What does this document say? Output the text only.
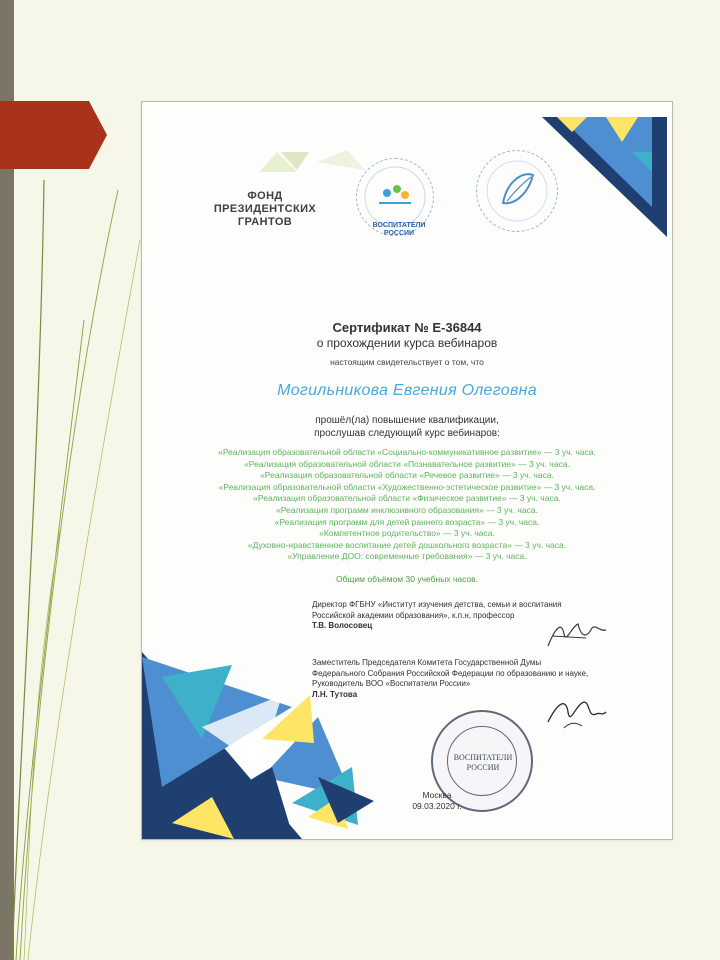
ФОНД ПРЕЗИДЕНТСКИХ ГРАНТОВ	ВОСПИТАТЕЛИ РОССИИ
Сертификат № Е-36844
о прохождении курса вебинаров
настоящим свидетельствует о том, что
Могильникова Евгения Олеговна
прошёл(ла) повышение квалификации,
прослушав следующий курс вебинаров:
«Реализация образовательной области «Социально-коммуникативное развитие» — 3 уч. часа.
«Реализация образовательной области «Познавательное развитие» — 3 уч. часа.
«Реализация образовательной области «Речевое развитие» — 3 уч. часа.
«Реализация образовательной области «Художественно-эстетическое развитие» — 3 уч. часа.
«Реализация образовательной области «Физическое развитие» — 3 уч. часа.
«Реализация программ инклюзивного образования» — 3 уч. часа.
«Реализация программ для детей раннего возраста» — 3 уч. часа.
«Компетентное родительство» — 3 уч. часа.
«Духовно-нравственное воспитание детей дошкольного возраста» — 3 уч. часа.
«Управление ДОО: современные требования» — 3 уч. часа.
Общим объёмом 30 учебных часов.
Директор ФГБНУ «Институт изучения детства, семьи и воспитания
Российской академии образования», к.п.н, профессор
Т.В. Волосовец
Заместитель Председателя Комитета Государственной Думы
Федерального Собрания Российской Федерации по образованию и науке,
Руководитель ВОО «Воспитатели России»
Л.Н. Тутова
ВОСПИТАТЕЛИ РОССИИ
Москва
09.03.2020 г.
